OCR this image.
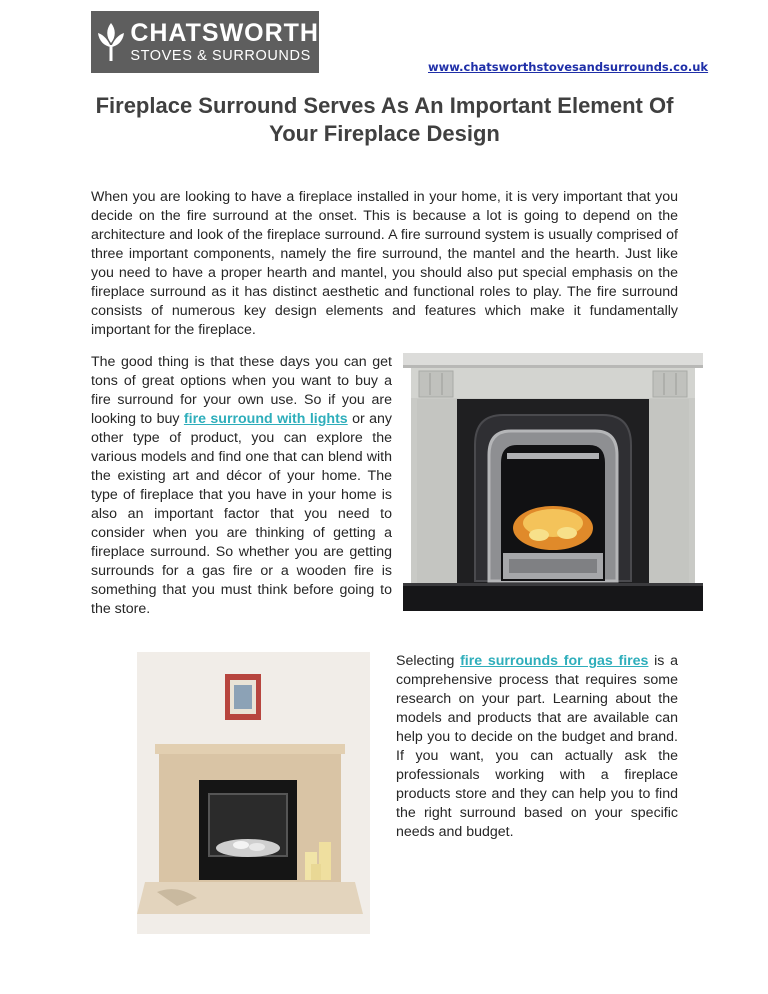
CHATSWORTH
STOVES & SURROUNDS
www.chatsworthstovesandsurrounds.co.uk
Fireplace Surround Serves As An Important Element Of Your Fireplace Design

When you are looking to have a fireplace installed in your home, it is very important that you decide on the fire surround at the onset. This is because a lot is going to depend on the architecture and look of the fireplace surround. A fire surround system is usually comprised of three important components, namely the fire surround, the mantel and the hearth. Just like you need to have a proper hearth and mantel, you should also put special emphasis on the fireplace surround as it has distinct aesthetic and functional roles to play. The fire surround consists of numerous key design elements and features which make it fundamentally important for the fireplace.

The good thing is that these days you can get tons of great options when you want to buy a fire surround for your own use. So if you are looking to buy fire surround with lights or any other type of product, you can explore the various models and find one that can blend with the existing art and décor of your home. The type of fireplace that you have in your home is also an important factor that you need to consider when you are thinking of getting a fireplace surround. So whether you are getting surrounds for a gas fire or a wooden fire is something that you must think before going to the store.

Selecting fire surrounds for gas fires is a comprehensive process that requires some research on your part. Learning about the models and products that are available can help you to decide on the budget and brand. If you want, you can actually ask the professionals working with a fireplace products store and they can help you to find the right surround based on your specific needs and budget.
